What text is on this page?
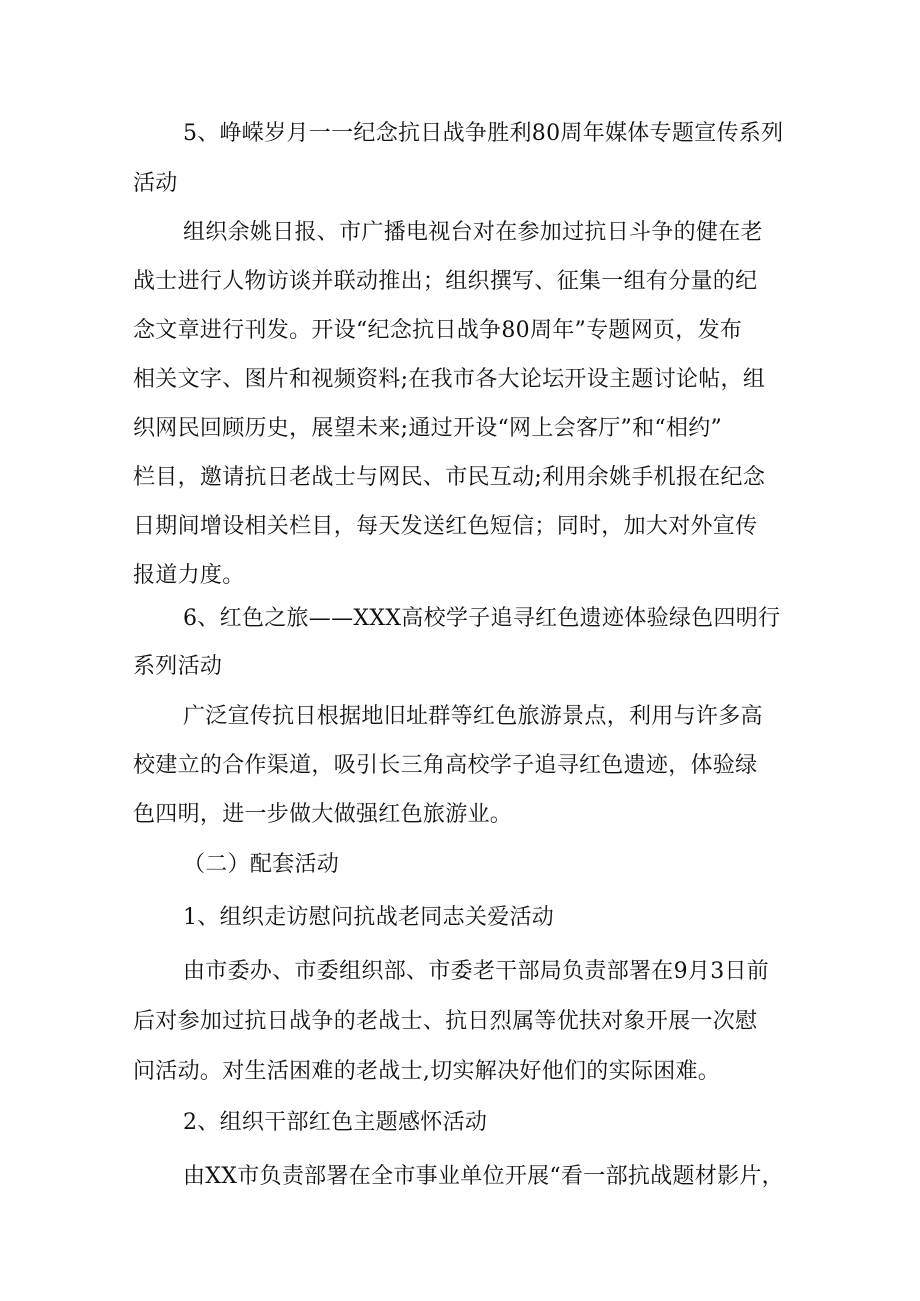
5、峥嵘岁月一一纪念抗日战争胜利80周年媒体专题宣传系列
活动
组织余姚日报、市广播电视台对在参加过抗日斗争的健在老
战士进行人物访谈并联动推出；组织撰写、征集一组有分量的纪
念文章进行刊发。开设“纪念抗日战争80周年”专题网页，发布
相关文字、图片和视频资料;在我市各大论坛开设主题讨论帖，组
织网民回顾历史，展望未来;通过开设“网上会客厅”和“相约”
栏目，邀请抗日老战士与网民、市民互动;利用余姚手机报在纪念
日期间增设相关栏目，每天发送红色短信；同时，加大对外宣传
报道力度。
6、红色之旅——XXX高校学子追寻红色遗迹体验绿色四明行
系列活动
广泛宣传抗日根据地旧址群等红色旅游景点，利用与许多高
校建立的合作渠道，吸引长三角高校学子追寻红色遗迹，体验绿
色四明，进一步做大做强红色旅游业。
（二）配套活动
1、组织走访慰问抗战老同志关爱活动
由市委办、市委组织部、市委老干部局负责部署在9月3日前
后对参加过抗日战争的老战士、抗日烈属等优扶对象开展一次慰
问活动。对生活困难的老战士,切实解决好他们的实际困难。
2、组织干部红色主题感怀活动
由XX市负责部署在全市事业单位开展“看一部抗战题材影片，
